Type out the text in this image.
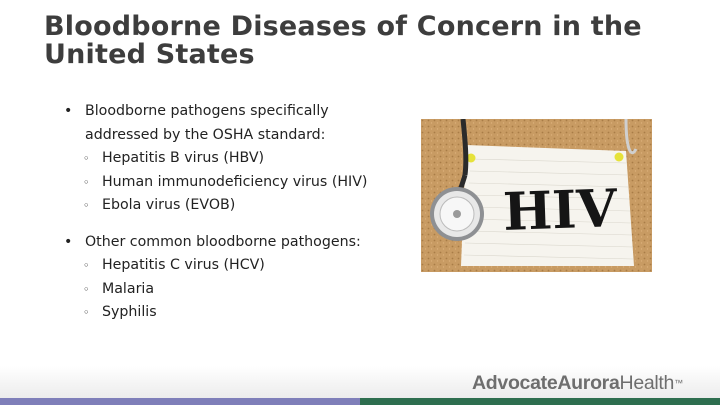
Bloodborne Diseases of Concern in the United States
• Bloodborne pathogens specifically addressed by the OSHA standard:
◦ Hepatitis B virus (HBV)
◦ Human immunodeficiency virus (HIV)
◦ Ebola virus (EVOB)
• Other common bloodborne pathogens:
◦ Hepatitis C virus (HCV)
◦ Malaria
◦ Syphilis
HIV
AdvocateAuroraHealth™
